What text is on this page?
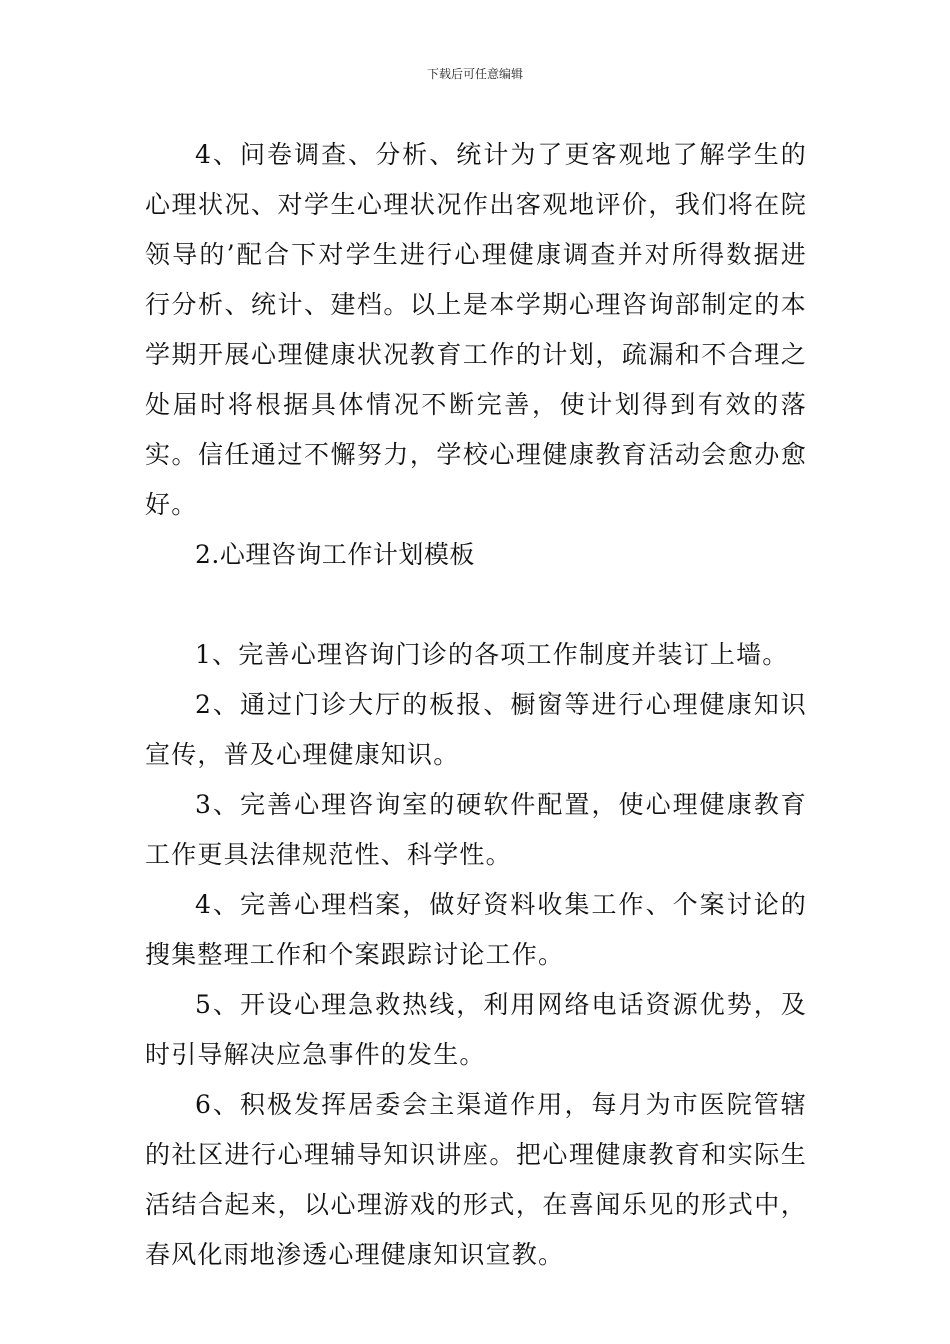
下载后可任意编辑

4、问卷调查、分析、统计为了更客观地了解学生的心理状况、对学生心理状况作出客观地评价，我们将在院领导的’配合下对学生进行心理健康调查并对所得数据进行分析、统计、建档。以上是本学期心理咨询部制定的本学期开展心理健康状况教育工作的计划，疏漏和不合理之处届时将根据具体情况不断完善，使计划得到有效的落实。信任通过不懈努力，学校心理健康教育活动会愈办愈好。

2.心理咨询工作计划模板

1、完善心理咨询门诊的各项工作制度并装订上墙。

2、通过门诊大厅的板报、橱窗等进行心理健康知识宣传，普及心理健康知识。

3、完善心理咨询室的硬软件配置，使心理健康教育工作更具法律规范性、科学性。

4、完善心理档案，做好资料收集工作、个案讨论的搜集整理工作和个案跟踪讨论工作。

5、开设心理急救热线，利用网络电话资源优势，及时引导解决应急事件的发生。

6、积极发挥居委会主渠道作用，每月为市医院管辖的社区进行心理辅导知识讲座。把心理健康教育和实际生活结合起来，以心理游戏的形式，在喜闻乐见的形式中，春风化雨地渗透心理健康知识宣教。
